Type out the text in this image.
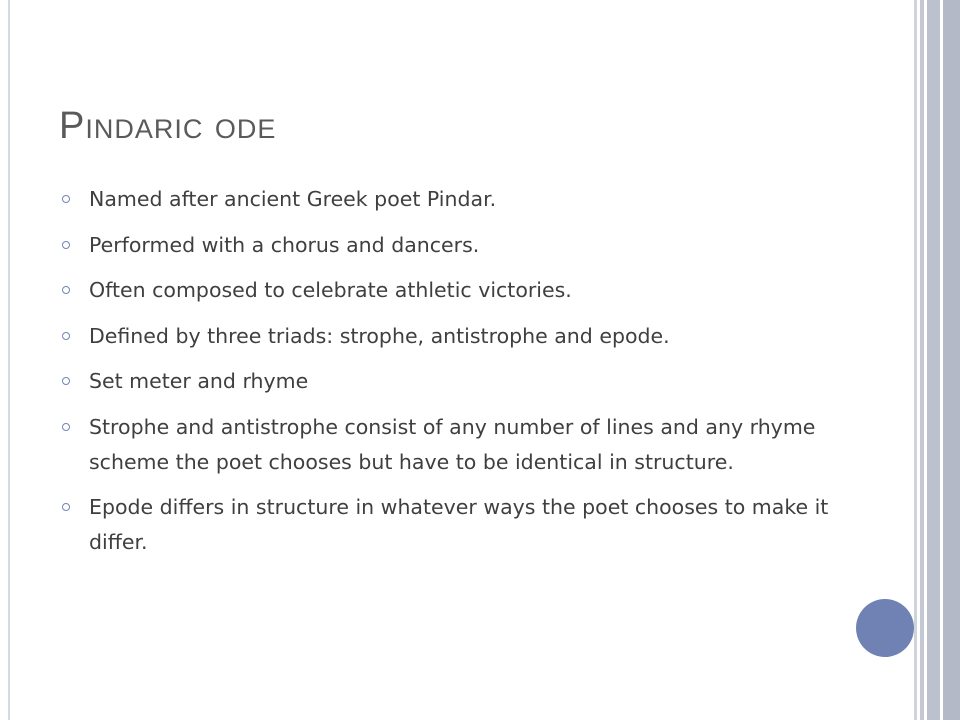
Pindaric ode
Named after ancient Greek poet Pindar.
Performed with a chorus and dancers.
Often composed to celebrate athletic victories.
Defined by three triads: strophe, antistrophe and epode.
Set meter and rhyme
Strophe and antistrophe consist of any number of lines and any rhyme scheme the poet chooses but have to be identical in structure.
Epode differs in structure in whatever ways the poet chooses to make it differ.
